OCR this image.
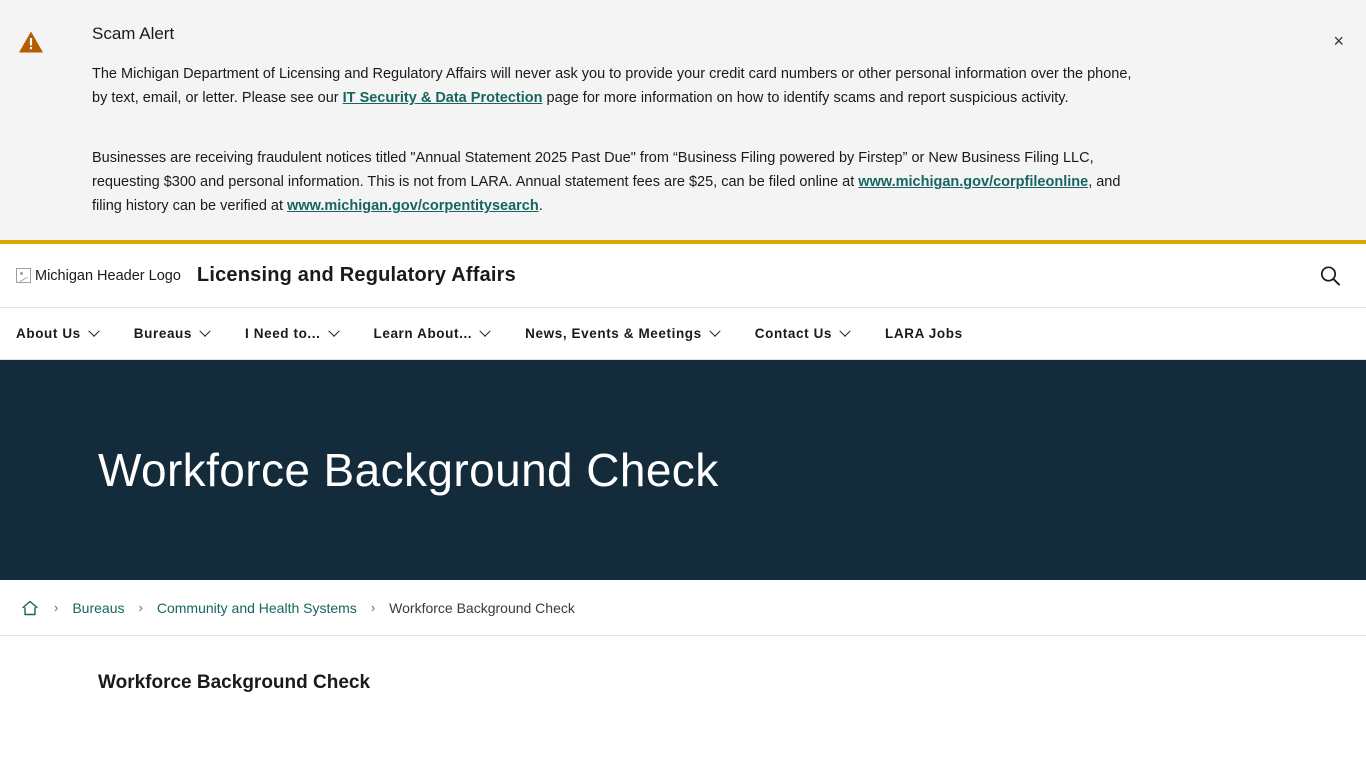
Scam Alert

The Michigan Department of Licensing and Regulatory Affairs will never ask you to provide your credit card numbers or other personal information over the phone, by text, email, or letter. Please see our IT Security & Data Protection page for more information on how to identify scams and report suspicious activity.

Businesses are receiving fraudulent notices titled "Annual Statement 2025 Past Due" from “Business Filing powered by Firstep” or New Business Filing LLC, requesting $300 and personal information. This is not from LARA. Annual statement fees are $25, can be filed online at www.michigan.gov/corpfileonline, and filing history can be verified at www.michigan.gov/corpentitysearch.

×
Michigan Header Logo Licensing and Regulatory Affairs
About Us	Bureaus	I Need to...	Learn About...	News, Events & Meetings	Contact Us	LARA Jobs
Workforce Background Check
› Bureaus › Community and Health Systems › Workforce Background Check
Workforce Background Check
